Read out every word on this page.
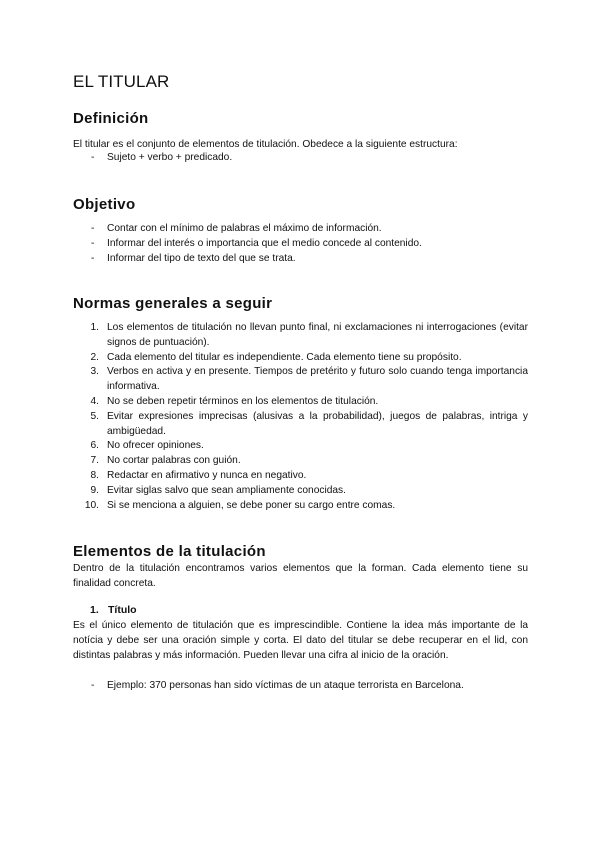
EL TITULAR
Definición
El titular es el conjunto de elementos de titulación. Obedece a la siguiente estructura:
-	Sujeto + verbo + predicado.
Objetivo
-	Contar con el mínimo de palabras el máximo de información.
-	Informar del interés o importancia que el medio concede al contenido.
-	Informar del tipo de texto del que se trata.
Normas generales a seguir
1. Los elementos de titulación no llevan punto final, ni exclamaciones ni interrogaciones (evitar signos de puntuación).
2. Cada elemento del titular es independiente. Cada elemento tiene su propósito.
3. Verbos en activa y en presente. Tiempos de pretérito y futuro solo cuando tenga importancia informativa.
4. No se deben repetir términos en los elementos de titulación.
5. Evitar expresiones imprecisas (alusivas a la probabilidad), juegos de palabras, intriga y ambigüedad.
6. No ofrecer opiniones.
7. No cortar palabras con guión.
8. Redactar en afirmativo y nunca en negativo.
9. Evitar siglas salvo que sean ampliamente conocidas.
10. Si se menciona a alguien, se debe poner su cargo entre comas.
Elementos de la titulación
Dentro de la titulación encontramos varios elementos que la forman. Cada elemento tiene su finalidad concreta.
1. Título
Es el único elemento de titulación que es imprescindible. Contiene la idea más importante de la notícia y debe ser una oración simple y corta. El dato del titular se debe recuperar en el lid, con distintas palabras y más información. Pueden llevar una cifra al inicio de la oración.
-	Ejemplo: 370 personas han sido víctimas de un ataque terrorista en Barcelona.
